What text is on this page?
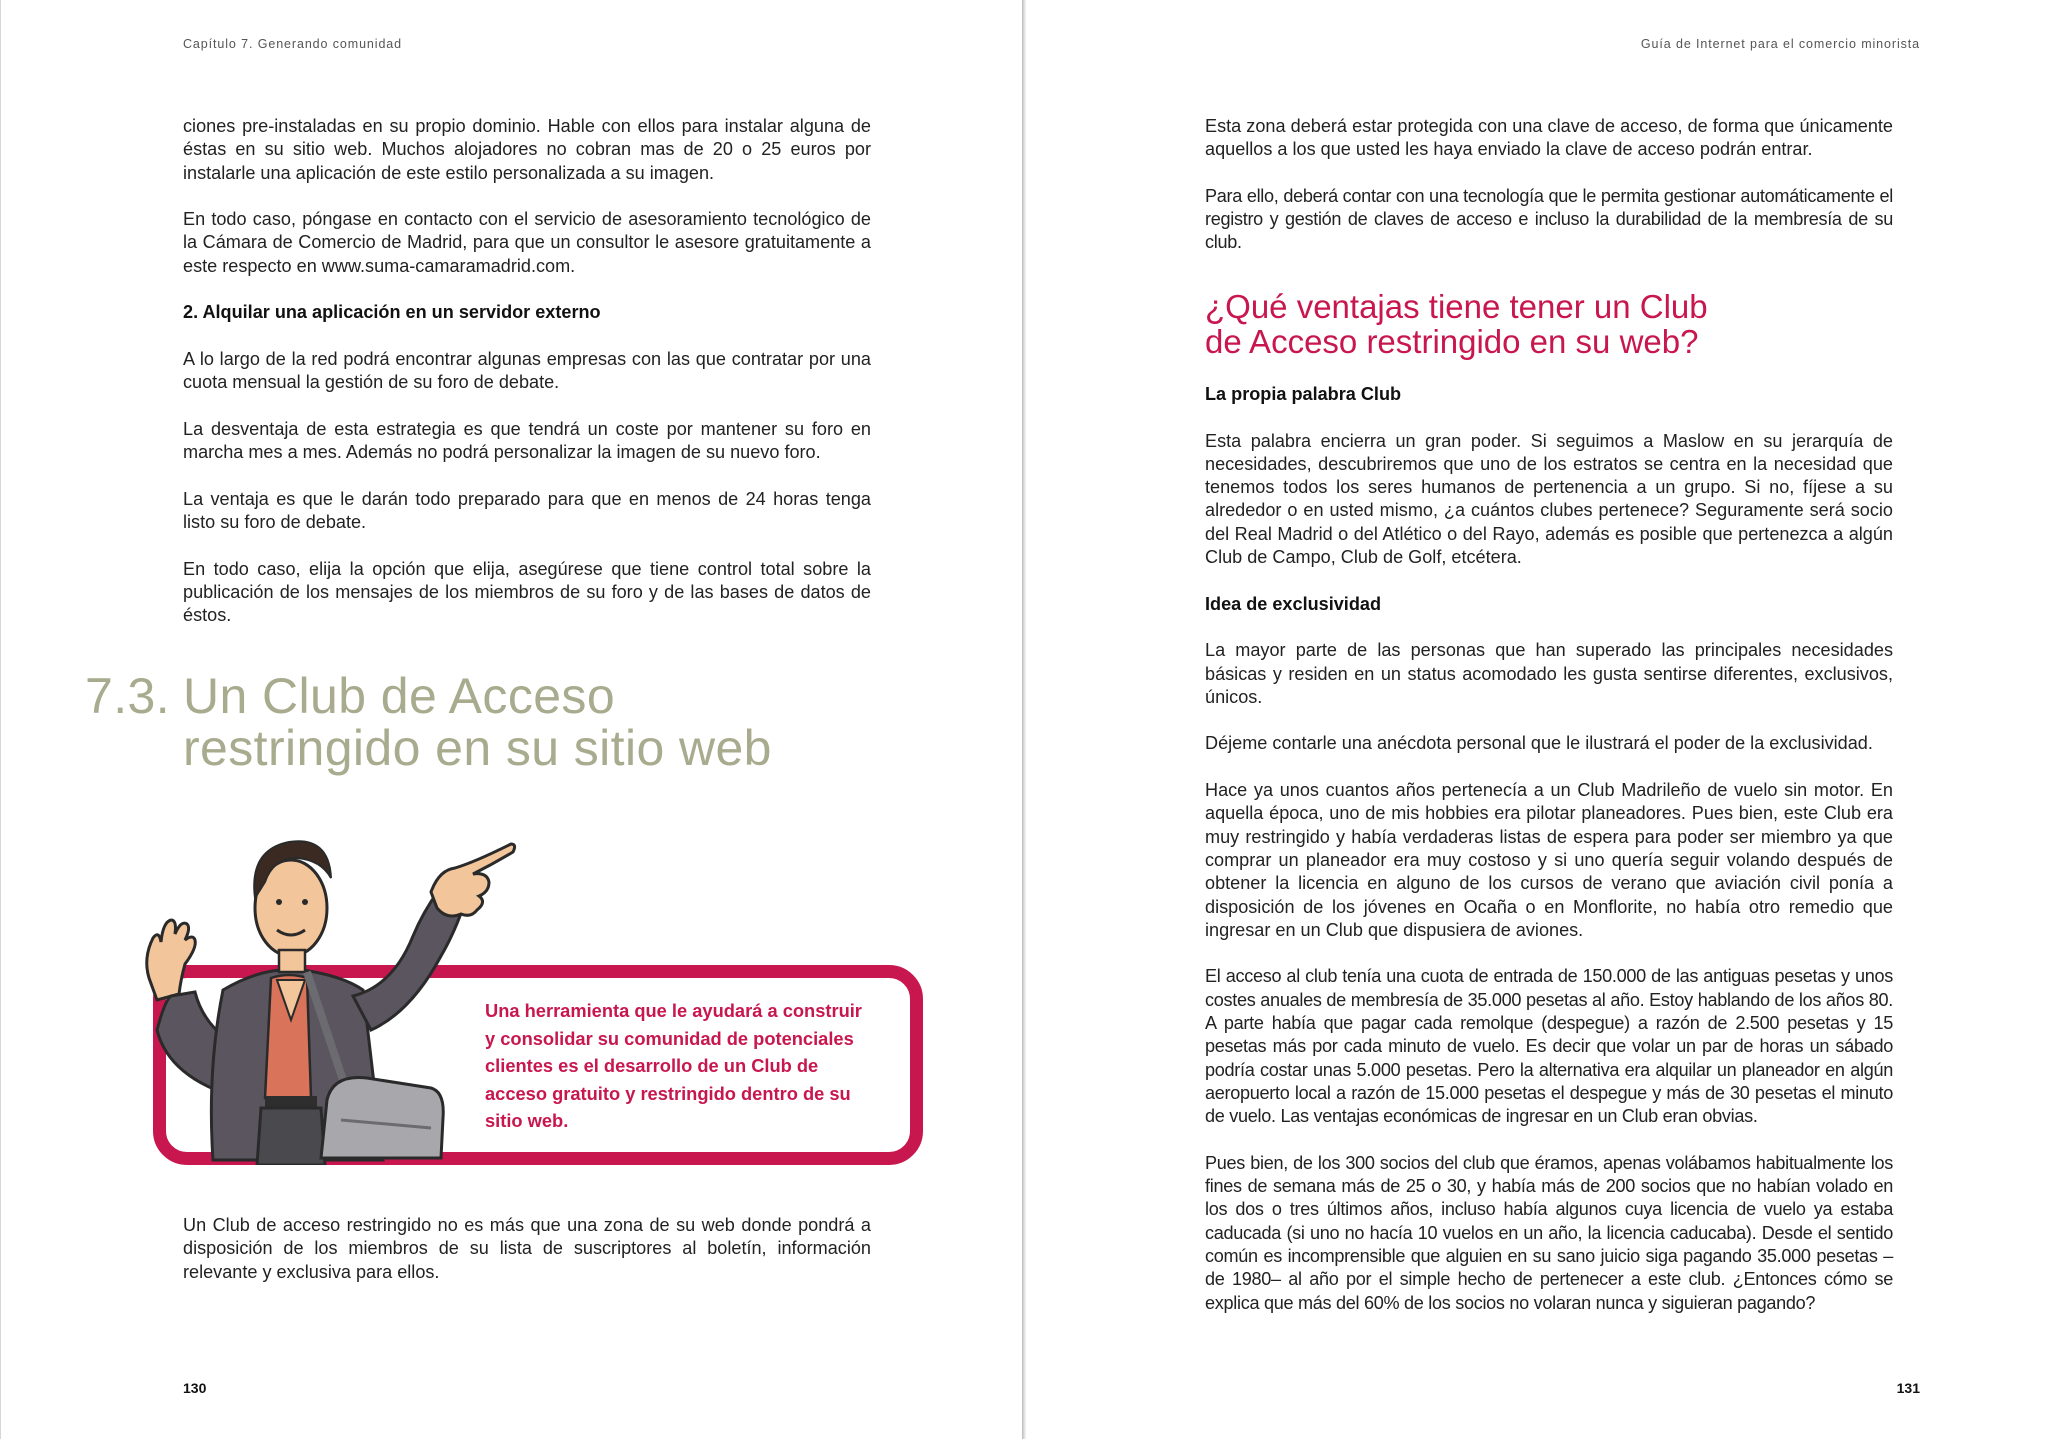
Capítulo 7. Generando comunidad

ciones pre-instaladas en su propio dominio. Hable con ellos para instalar alguna de éstas en su sitio web. Muchos alojadores no cobran mas de 20 o 25 euros por instalarle una aplicación de este estilo personalizada a su imagen.

En todo caso, póngase en contacto con el servicio de asesoramiento tecnológico de la Cámara de Comercio de Madrid, para que un consultor le asesore gratuitamente a este respecto en www.suma-camaramadrid.com.

2. Alquilar una aplicación en un servidor externo

A lo largo de la red podrá encontrar algunas empresas con las que contratar por una cuota mensual la gestión de su foro de debate.

La desventaja de esta estrategia es que tendrá un coste por mantener su foro en marcha mes a mes. Además no podrá personalizar la imagen de su nuevo foro.

La ventaja es que le darán todo preparado para que en menos de 24 horas tenga listo su foro de debate.

En todo caso, elija la opción que elija, asegúrese que tiene control total sobre la publicación de los mensajes de los miembros de su foro y de las bases de datos de éstos.

7.3. Un Club de Acceso
restringido en su sitio web
Una herramienta que le ayudará a construir y consolidar su comunidad de potenciales clientes es el desarrollo de un Club de acceso gratuito y restringido dentro de su sitio web.

Un Club de acceso restringido no es más que una zona de su web donde pondrá a disposición de los miembros de su lista de suscriptores al boletín, información relevante y exclusiva para ellos.

130
Guía de Internet para el comercio minorista

Esta zona deberá estar protegida con una clave de acceso, de forma que únicamente aquellos a los que usted les haya enviado la clave de acceso podrán entrar.

Para ello, deberá contar con una tecnología que le permita gestionar automáticamente el registro y gestión de claves de acceso e incluso la durabilidad de la membresía de su club.

¿Qué ventajas tiene tener un Club
de Acceso restringido en su web?

La propia palabra Club

Esta palabra encierra un gran poder. Si seguimos a Maslow en su jerarquía de necesidades, descubriremos que uno de los estratos se centra en la necesidad que tenemos todos los seres humanos de pertenencia a un grupo. Si no, fíjese a su alrededor o en usted mismo, ¿a cuántos clubes pertenece? Seguramente será socio del Real Madrid o del Atlético o del Rayo, además es posible que pertenezca a algún Club de Campo, Club de Golf, etcétera.

Idea de exclusividad

La mayor parte de las personas que han superado las principales necesidades básicas y residen en un status acomodado les gusta sentirse diferentes, exclusivos, únicos.

Déjeme contarle una anécdota personal que le ilustrará el poder de la exclusividad.

Hace ya unos cuantos años pertenecía a un Club Madrileño de vuelo sin motor. En aquella época, uno de mis hobbies era pilotar planeadores. Pues bien, este Club era muy restringido y había verdaderas listas de espera para poder ser miembro ya que comprar un planeador era muy costoso y si uno quería seguir volando después de obtener la licencia en alguno de los cursos de verano que aviación civil ponía a disposición de los jóvenes en Ocaña o en Monflorite, no había otro remedio que ingresar en un Club que dispusiera de aviones.

El acceso al club tenía una cuota de entrada de 150.000 de las antiguas pesetas y unos costes anuales de membresía de 35.000 pesetas al año. Estoy hablando de los años 80. A parte había que pagar cada remolque (despegue) a razón de 2.500 pesetas y 15 pesetas más por cada minuto de vuelo. Es decir que volar un par de horas un sábado podría costar unas 5.000 pesetas. Pero la alternativa era alquilar un planeador en algún aeropuerto local a razón de 15.000 pesetas el despegue y más de 30 pesetas el minuto de vuelo. Las ventajas económicas de ingresar en un Club eran obvias.

Pues bien, de los 300 socios del club que éramos, apenas volábamos habitualmente los fines de semana más de 25 o 30, y había más de 200 socios que no habían volado en los dos o tres últimos años, incluso había algunos cuya licencia de vuelo ya estaba caducada (si uno no hacía 10 vuelos en un año, la licencia caducaba). Desde el sentido común es incomprensible que alguien en su sano juicio siga pagando 35.000 pesetas –de 1980– al año por el simple hecho de pertenecer a este club. ¿Entonces cómo se explica que más del 60% de los socios no volaran nunca y siguieran pagando?

131
